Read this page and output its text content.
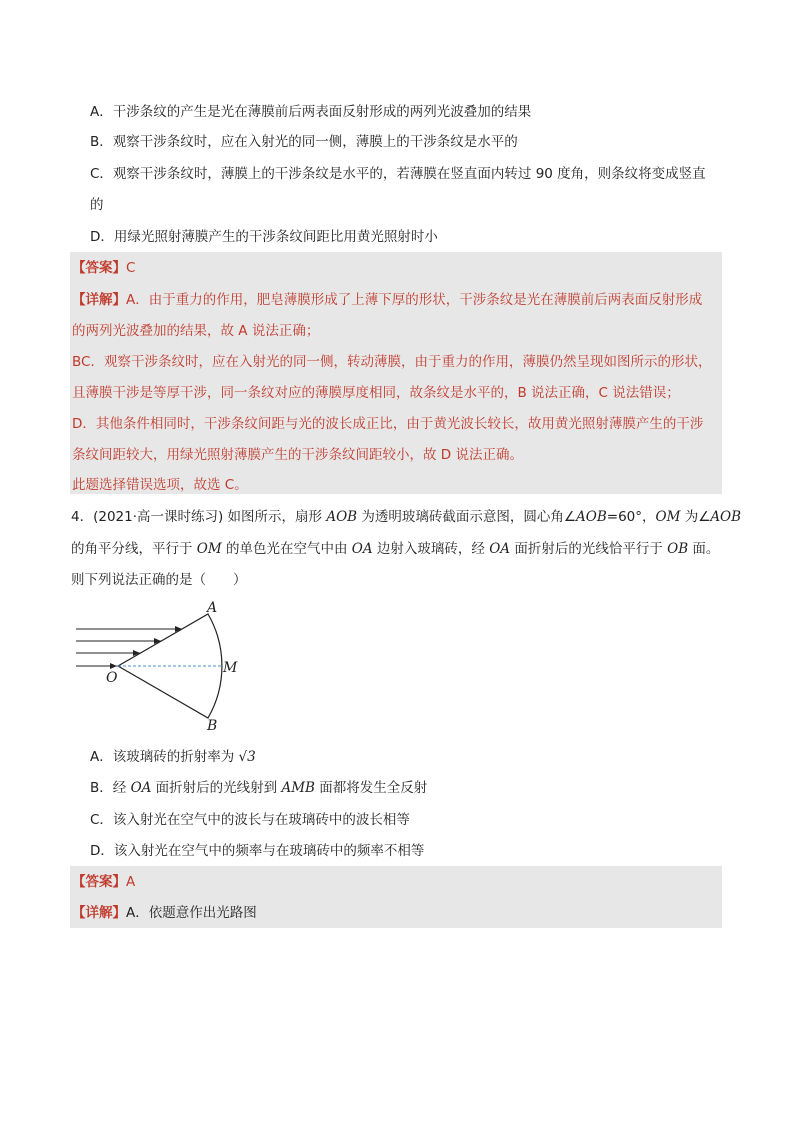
A．干涉条纹的产生是光在薄膜前后两表面反射形成的两列光波叠加的结果
B．观察干涉条纹时，应在入射光的同一侧，薄膜上的干涉条纹是水平的
C．观察干涉条纹时，薄膜上的干涉条纹是水平的，若薄膜在竖直面内转过 90 度角，则条纹将变成竖直
的
D．用绿光照射薄膜产生的干涉条纹间距比用黄光照射时小
【答案】C
【详解】A．由于重力的作用，肥皂薄膜形成了上薄下厚的形状，干涉条纹是光在薄膜前后两表面反射形成
的两列光波叠加的结果，故 A 说法正确；
BC．观察干涉条纹时，应在入射光的同一侧，转动薄膜，由于重力的作用，薄膜仍然呈现如图所示的形状，
且薄膜干涉是等厚干涉，同一条纹对应的薄膜厚度相同，故条纹是水平的，B 说法正确，C 说法错误；
D．其他条件相同时，干涉条纹间距与光的波长成正比，由于黄光波长较长，故用黄光照射薄膜产生的干涉
条纹间距较大，用绿光照射薄膜产生的干涉条纹间距较小，故 D 说法正确。
此题选择错误选项，故选 C。
4．(2021·高一课时练习) 如图所示，扇形 AOB 为透明玻璃砖截面示意图，圆心角∠AOB=60°，OM 为∠AOB
的角平分线，平行于 OM 的单色光在空气中由 OA 边射入玻璃砖，经 OA 面折射后的光线恰平行于 OB 面。
则下列说法正确的是（　　）
A
M
O
B
A．该玻璃砖的折射率为 √3
B．经 OA 面折射后的光线射到 AMB 面都将发生全反射
C．该入射光在空气中的波长与在玻璃砖中的波长相等
D．该入射光在空气中的频率与在玻璃砖中的频率不相等
【答案】A
【详解】A．依题意作出光路图
